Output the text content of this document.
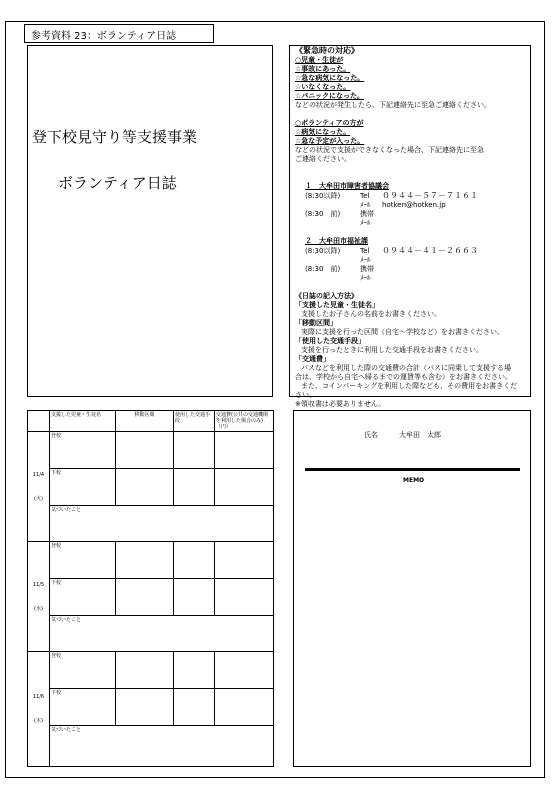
参考資料 23：ボランティア日誌
登下校見守り等支援事業
ボランティア日誌
《緊急時の対応》
○児童・生徒が
☆事故にあった。
☆急な病気になった。
☆いなくなった。
☆パニックになった。
などの状況が発生したら、下記連絡先に至急ご連絡ください。
○ボランティアの方が
☆病気になった。
☆急な予定が入った。
などの状況で支援ができなくなった場合、下記連絡先に至急
ご連絡ください。
１　大牟田市障害者協議会
(8:30以降)	Tel ０９４４－５７－７１６１
ﾒｰﾙ hotken@hotken.jp
(8:30　前)	携帯
ﾒｰﾙ
２　大牟田市福祉課
(8:30以降)	Tel ０９４４－４１－２６６３
ﾒｰﾙ
(8:30　前)	携帯
ﾒｰﾙ
《日誌の記入方法》
「支援した児童・生徒名」
支援したお子さんの名前をお書きください。
「移動区間」
実際に支援を行った区間（自宅～学校など）をお書きください。
「使用した交通手段」
支援を行ったときに利用した交通手段をお書きください。
「交通費」
バスなどを利用した際の交通費の合計（バスに同乗して支援する場
合は、学校から自宅へ帰るまでの運賃等も含む）をお書きください。
また、コインパーキングを利用した際なども、その費用をお書きくだ
さい。
※領収書は必要ありません。
	支援した児童・生徒名	移動区間	使用した交通手段	交通費(公共の交通機関を利用した場合のみ)（円）
11/4

(火)	登校			
	下校			
	気づいたこと			
11/5

(水)	登校			
	下校			
	気づいたこと			
11/6

(木)	登校			
	下校			
	気づいたこと			
氏名　　　	大牟田　太郎
MEMO
